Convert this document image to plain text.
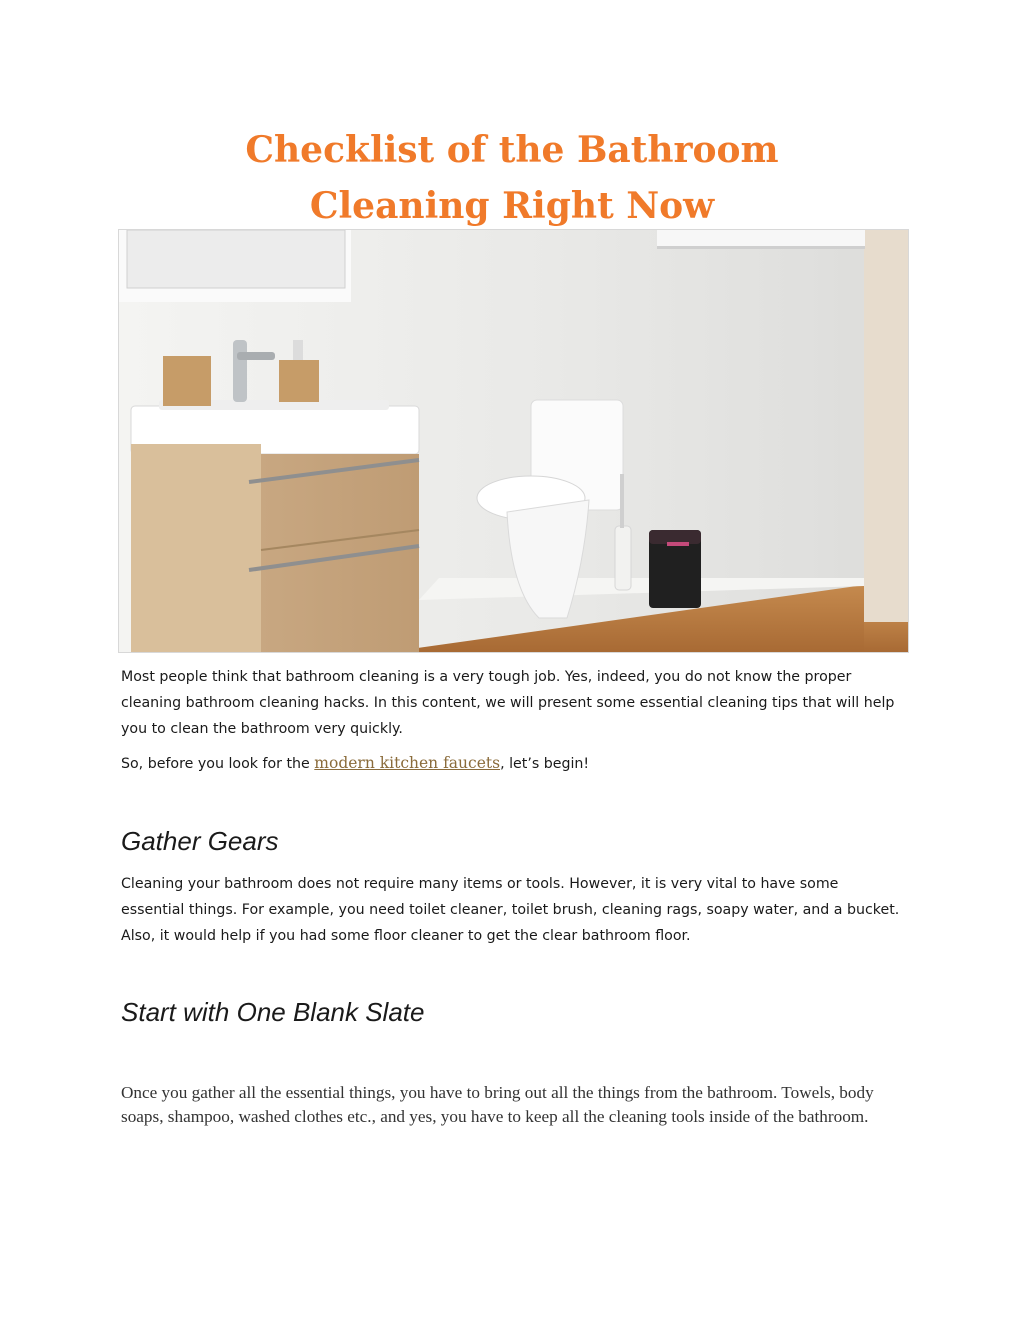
Checklist of the Bathroom
Cleaning Right Now

Most people think that bathroom cleaning is a very tough job. Yes, indeed, you do not know the proper cleaning bathroom cleaning hacks. In this content, we will present some essential cleaning tips that will help you to clean the bathroom very quickly.

So, before you look for the modern kitchen faucets, let’s begin!

Gather Gears

Cleaning your bathroom does not require many items or tools. However, it is very vital to have some essential things. For example, you need toilet cleaner, toilet brush, cleaning rags, soapy water, and a bucket. Also, it would help if you had some floor cleaner to get the clear bathroom floor.

Start with One Blank Slate

Once you gather all the essential things, you have to bring out all the things from the bathroom. Towels, body soaps, shampoo, washed clothes etc., and yes, you have to keep all the cleaning tools inside of the bathroom.
